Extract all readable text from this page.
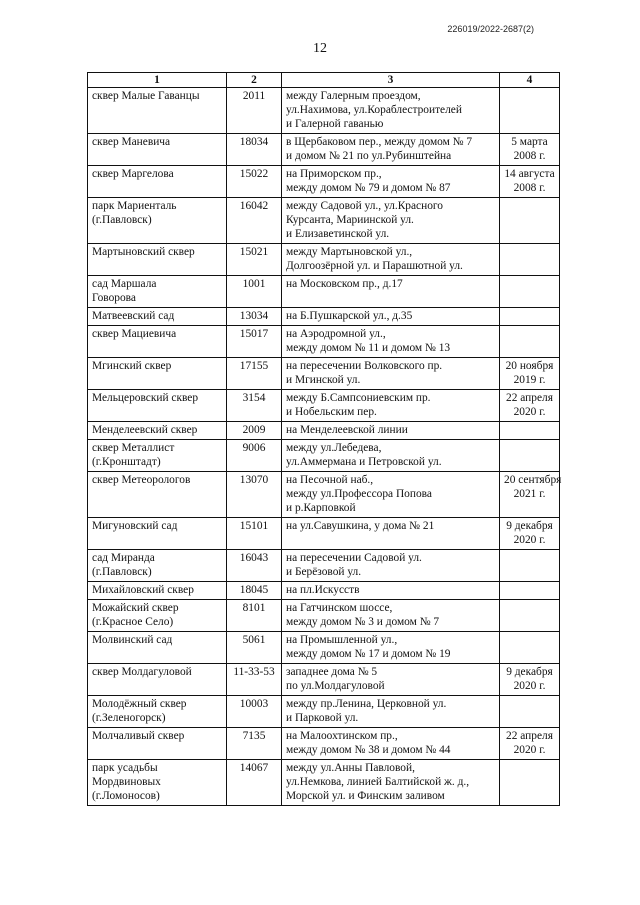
226019/2022-2687(2)
12
1	2	3	4

сквер Малые Гаванцы	2011	между Галерным проездом,
ул.Нахимова, ул.Кораблестроителей
и Галерной гаванью	

сквер Маневича	18034	в Щербаковом пер., между домом № 7
и домом № 21 по ул.Рубинштейна	5 марта
2008 г.

сквер Маргелова	15022	на Приморском пр.,
между домом № 79 и домом № 87	14 августа
2008 г.

парк Мариенталь
(г.Павловск)	16042	между Садовой ул., ул.Красного
Курсанта, Мариинской ул.
и Елизаветинской ул.	

Мартыновский сквер	15021	между Мартыновской ул.,
Долгоозёрной ул. и Парашютной ул.	

сад Маршала
Говорова	1001	на Московском пр., д.17	

Матвеевский сад	13034	на Б.Пушкарской ул., д.35	

сквер Мациевича	15017	на Аэродромной ул.,
между домом № 11 и домом № 13	

Мгинский сквер	17155	на пересечении Волковского пр.
и Мгинской ул.	20 ноября
2019 г.

Мельцеровский сквер	3154	между Б.Сампсониевским пр.
и Нобельским пер.	22 апреля
2020 г.

Менделеевский сквер	2009	на Менделеевской линии	

сквер Металлист
(г.Кронштадт)	9006	между ул.Лебедева,
ул.Аммермана и Петровской ул.	

сквер Метеорологов	13070	на Песочной наб.,
между ул.Профессора Попова
и р.Карповкой	20 сентября
2021 г.

Мигуновский сад	15101	на ул.Савушкина, у дома № 21	9 декабря
2020 г.

сад Миранда
(г.Павловск)	16043	на пересечении Садовой ул.
и Берёзовой ул.	

Михайловский сквер	18045	на пл.Искусств	

Можайский сквер
(г.Красное Село)	8101	на Гатчинском шоссе,
между домом № 3 и домом № 7	

Молвинский сад	5061	на Промышленной ул.,
между домом № 17 и домом № 19	

сквер Молдагуловой	11-33-53	западнее дома № 5
по ул.Молдагуловой	9 декабря
2020 г.

Молодёжный сквер
(г.Зеленогорск)	10003	между пр.Ленина, Церковной ул.
и Парковой ул.	

Молчаливый сквер	7135	на Малоохтинском пр.,
между домом № 38 и домом № 44	22 апреля
2020 г.

парк усадьбы
Мордвиновых
(г.Ломоносов)	14067	между ул.Анны Павловой,
ул.Немкова, линией Балтийской ж. д.,
Морской ул. и Финским заливом	
